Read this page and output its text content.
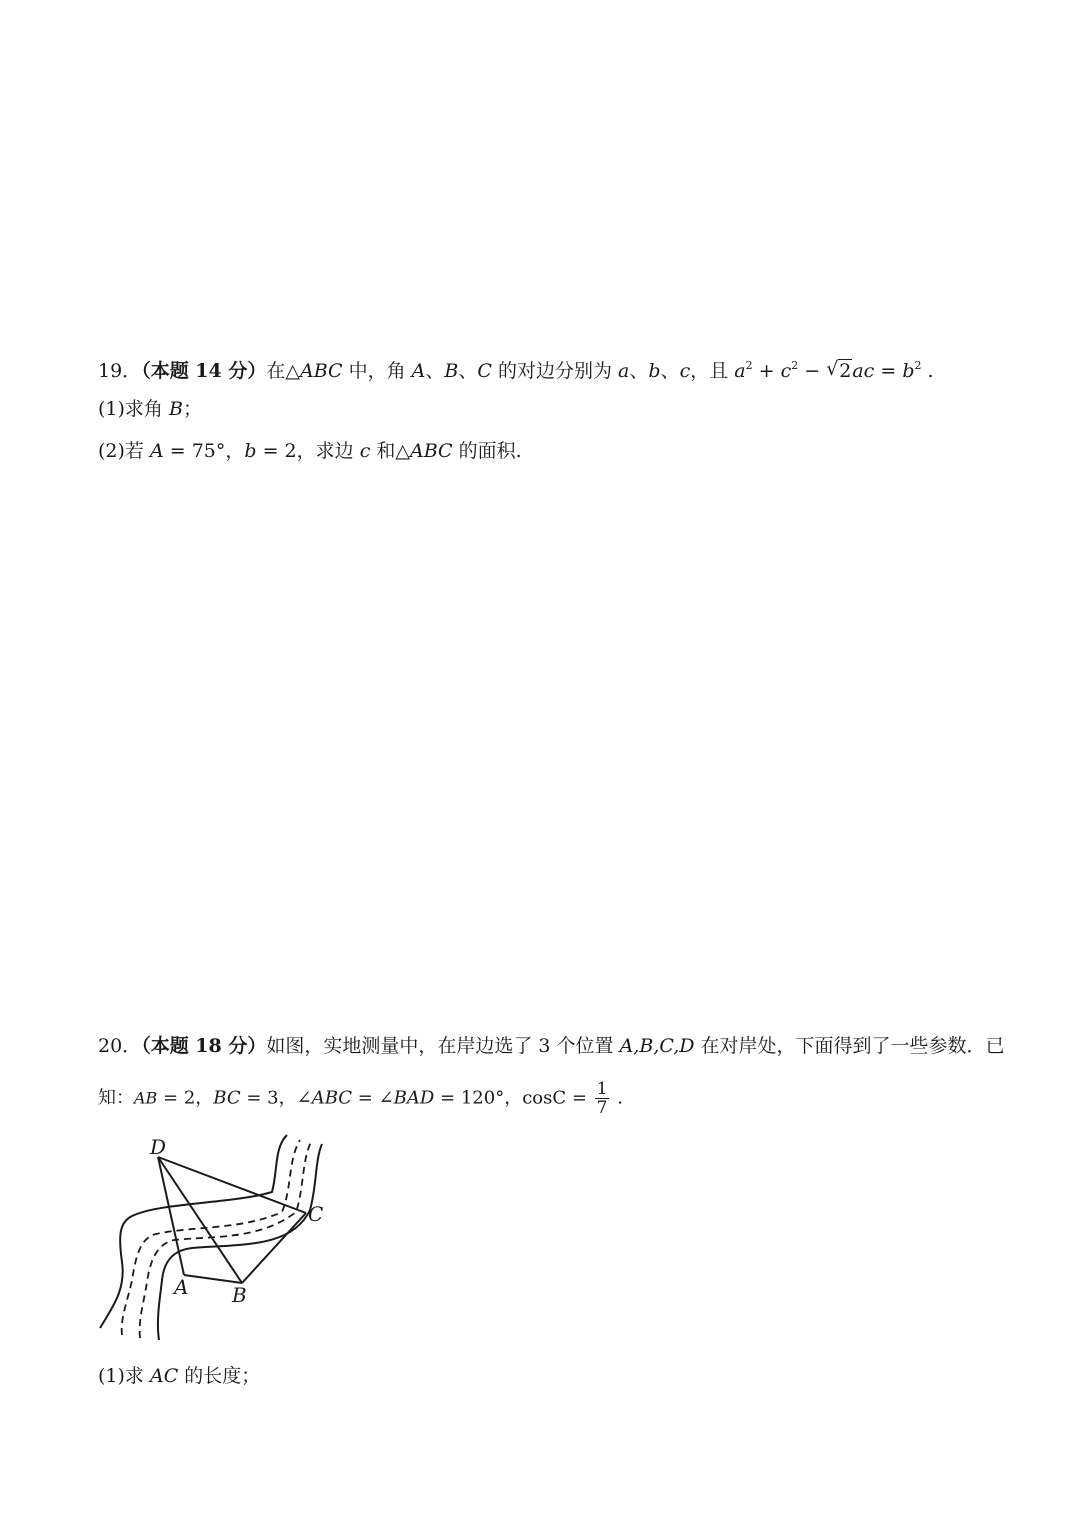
19．（本题 14 分）在△ABC 中，角 A、B、C 的对边分别为 a、b、c，且 $a^2 + c^2$ − √ $2ac = b^2$ .
(1)求角 B；
(2)若 A = 75°，b = 2，求边 c 和△ABC 的面积.
20．（本题 18 分）如图，实地测量中，在岸边选了 3 个位置 A,B,C,D 在对岸处，下面得到了一些参数．已
知：AB = 2，BC = 3，∠ABC = ∠BAD = 120°，$\cos C = \frac{1}{7}$ .
D
C
A B
(1)求 AC 的长度；
